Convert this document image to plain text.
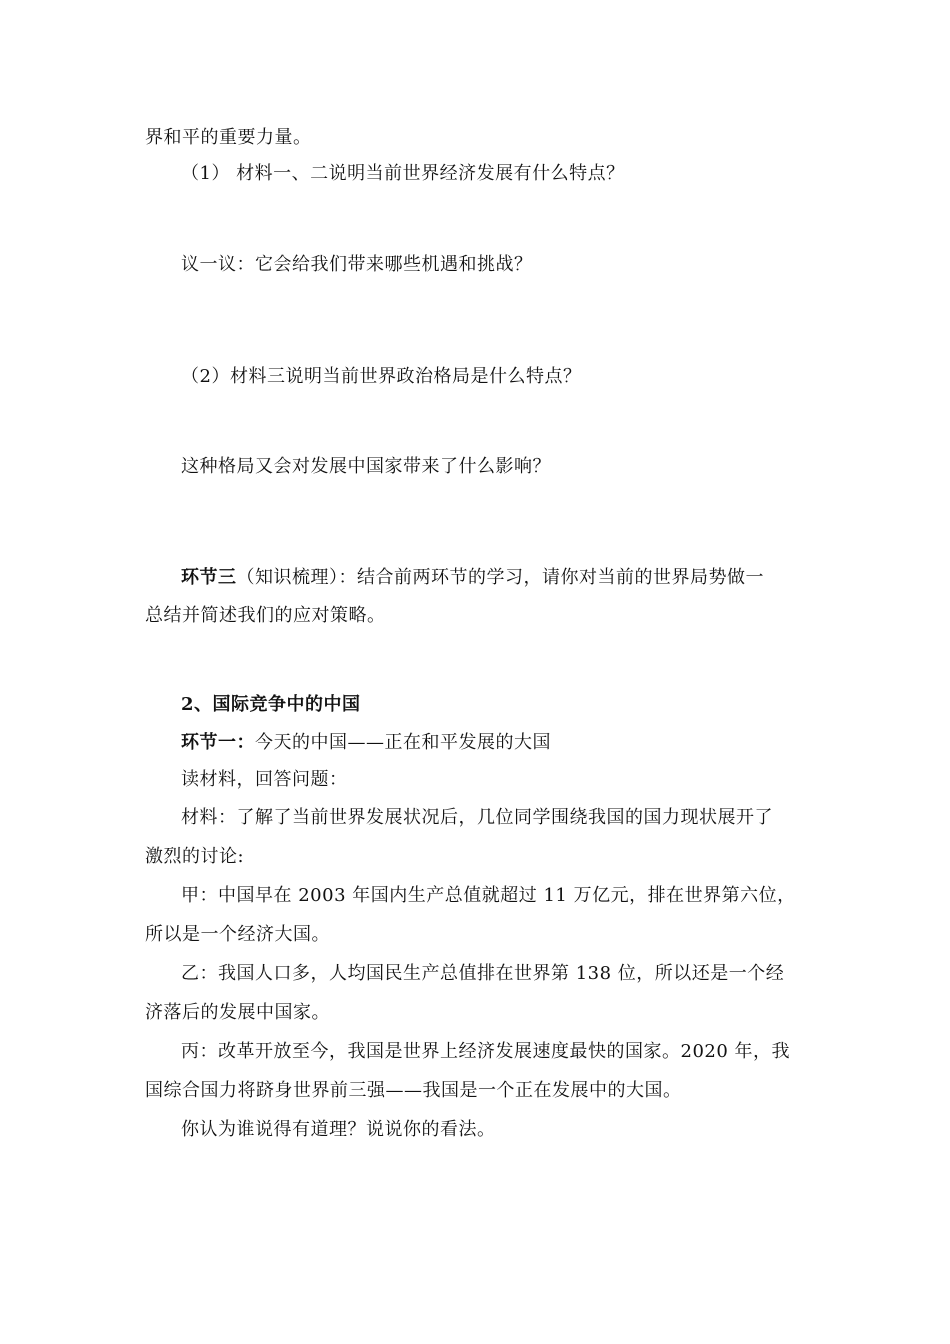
界和平的重要力量。
（1） 材料一、二说明当前世界经济发展有什么特点？
议一议：它会给我们带来哪些机遇和挑战？
（2）材料三说明当前世界政治格局是什么特点？
这种格局又会对发展中国家带来了什么影响？
环节三（知识梳理）：结合前两环节的学习，请你对当前的世界局势做一
总结并简述我们的应对策略。
2、国际竞争中的中国
环节一：今天的中国——正在和平发展的大国
读材料，回答问题：
材料：了解了当前世界发展状况后，几位同学围绕我国的国力现状展开了
激烈的讨论:
甲：中国早在 2003 年国内生产总值就超过 11 万亿元，排在世界第六位，
所以是一个经济大国。
乙：我国人口多，人均国民生产总值排在世界第 138 位，所以还是一个经
济落后的发展中国家。
丙：改革开放至今，我国是世界上经济发展速度最快的国家。2020 年，我
国综合国力将跻身世界前三强——我国是一个正在发展中的大国。
你认为谁说得有道理？说说你的看法。
